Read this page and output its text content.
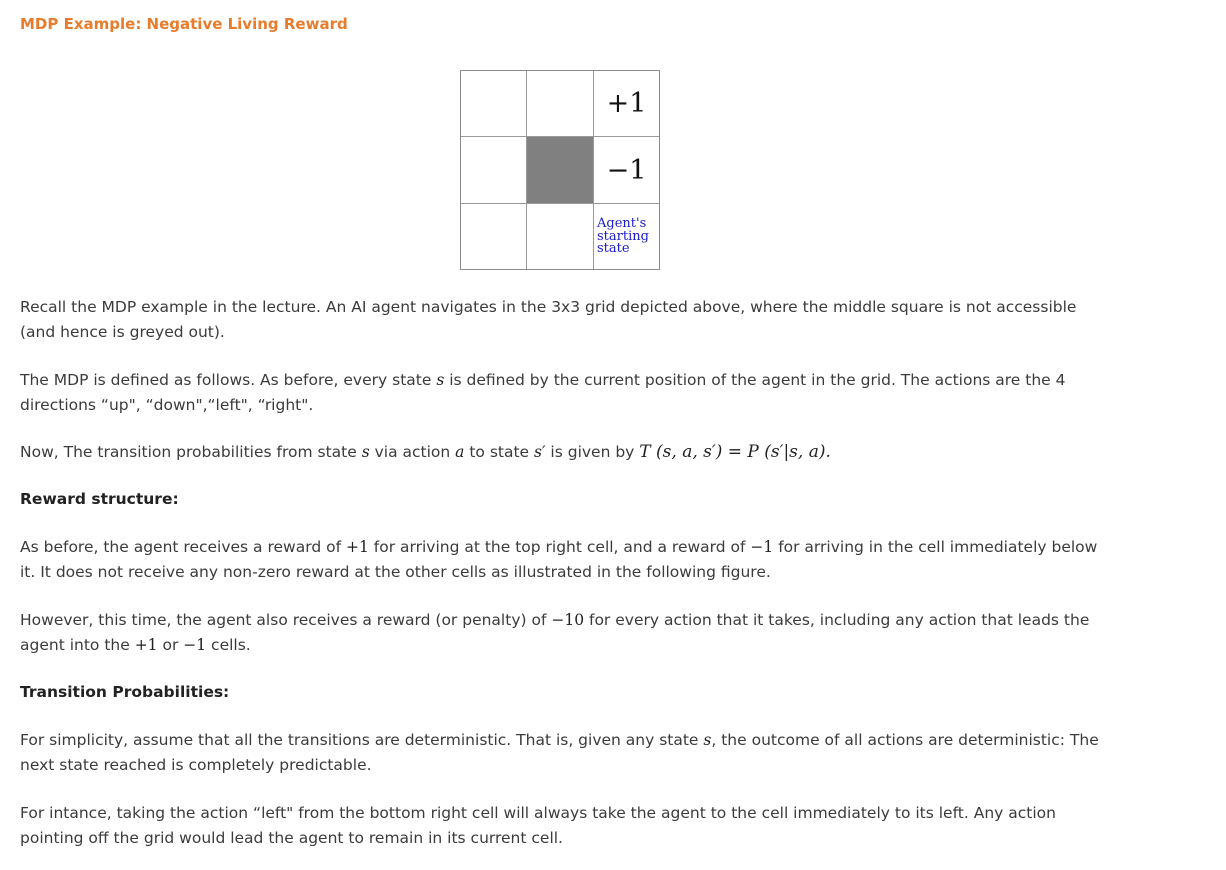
MDP Example: Negative Living Reward
+1
−1
Agent's
starting
state

Recall the MDP example in the lecture. An AI agent navigates in the 3x3 grid depicted above, where the middle square is not accessible (and hence is greyed out).

The MDP is defined as follows. As before, every state s is defined by the current position of the agent in the grid. The actions are the 4 directions “up", “down",“left", “right".

Now, The transition probabilities from state s via action a to state s′ is given by T (s, a, s′) = P (s′|s, a).

Reward structure:

As before, the agent receives a reward of +1 for arriving at the top right cell, and a reward of −1 for arriving in the cell immediately below it. It does not receive any non-zero reward at the other cells as illustrated in the following figure.

However, this time, the agent also receives a reward (or penalty) of −10 for every action that it takes, including any action that leads the agent into the +1 or −1 cells.

Transition Probabilities:

For simplicity, assume that all the transitions are deterministic. That is, given any state s, the outcome of all actions are deterministic: The next state reached is completely predictable.

For intance, taking the action “left" from the bottom right cell will always take the agent to the cell immediately to its left. Any action pointing off the grid would lead the agent to remain in its current cell.
